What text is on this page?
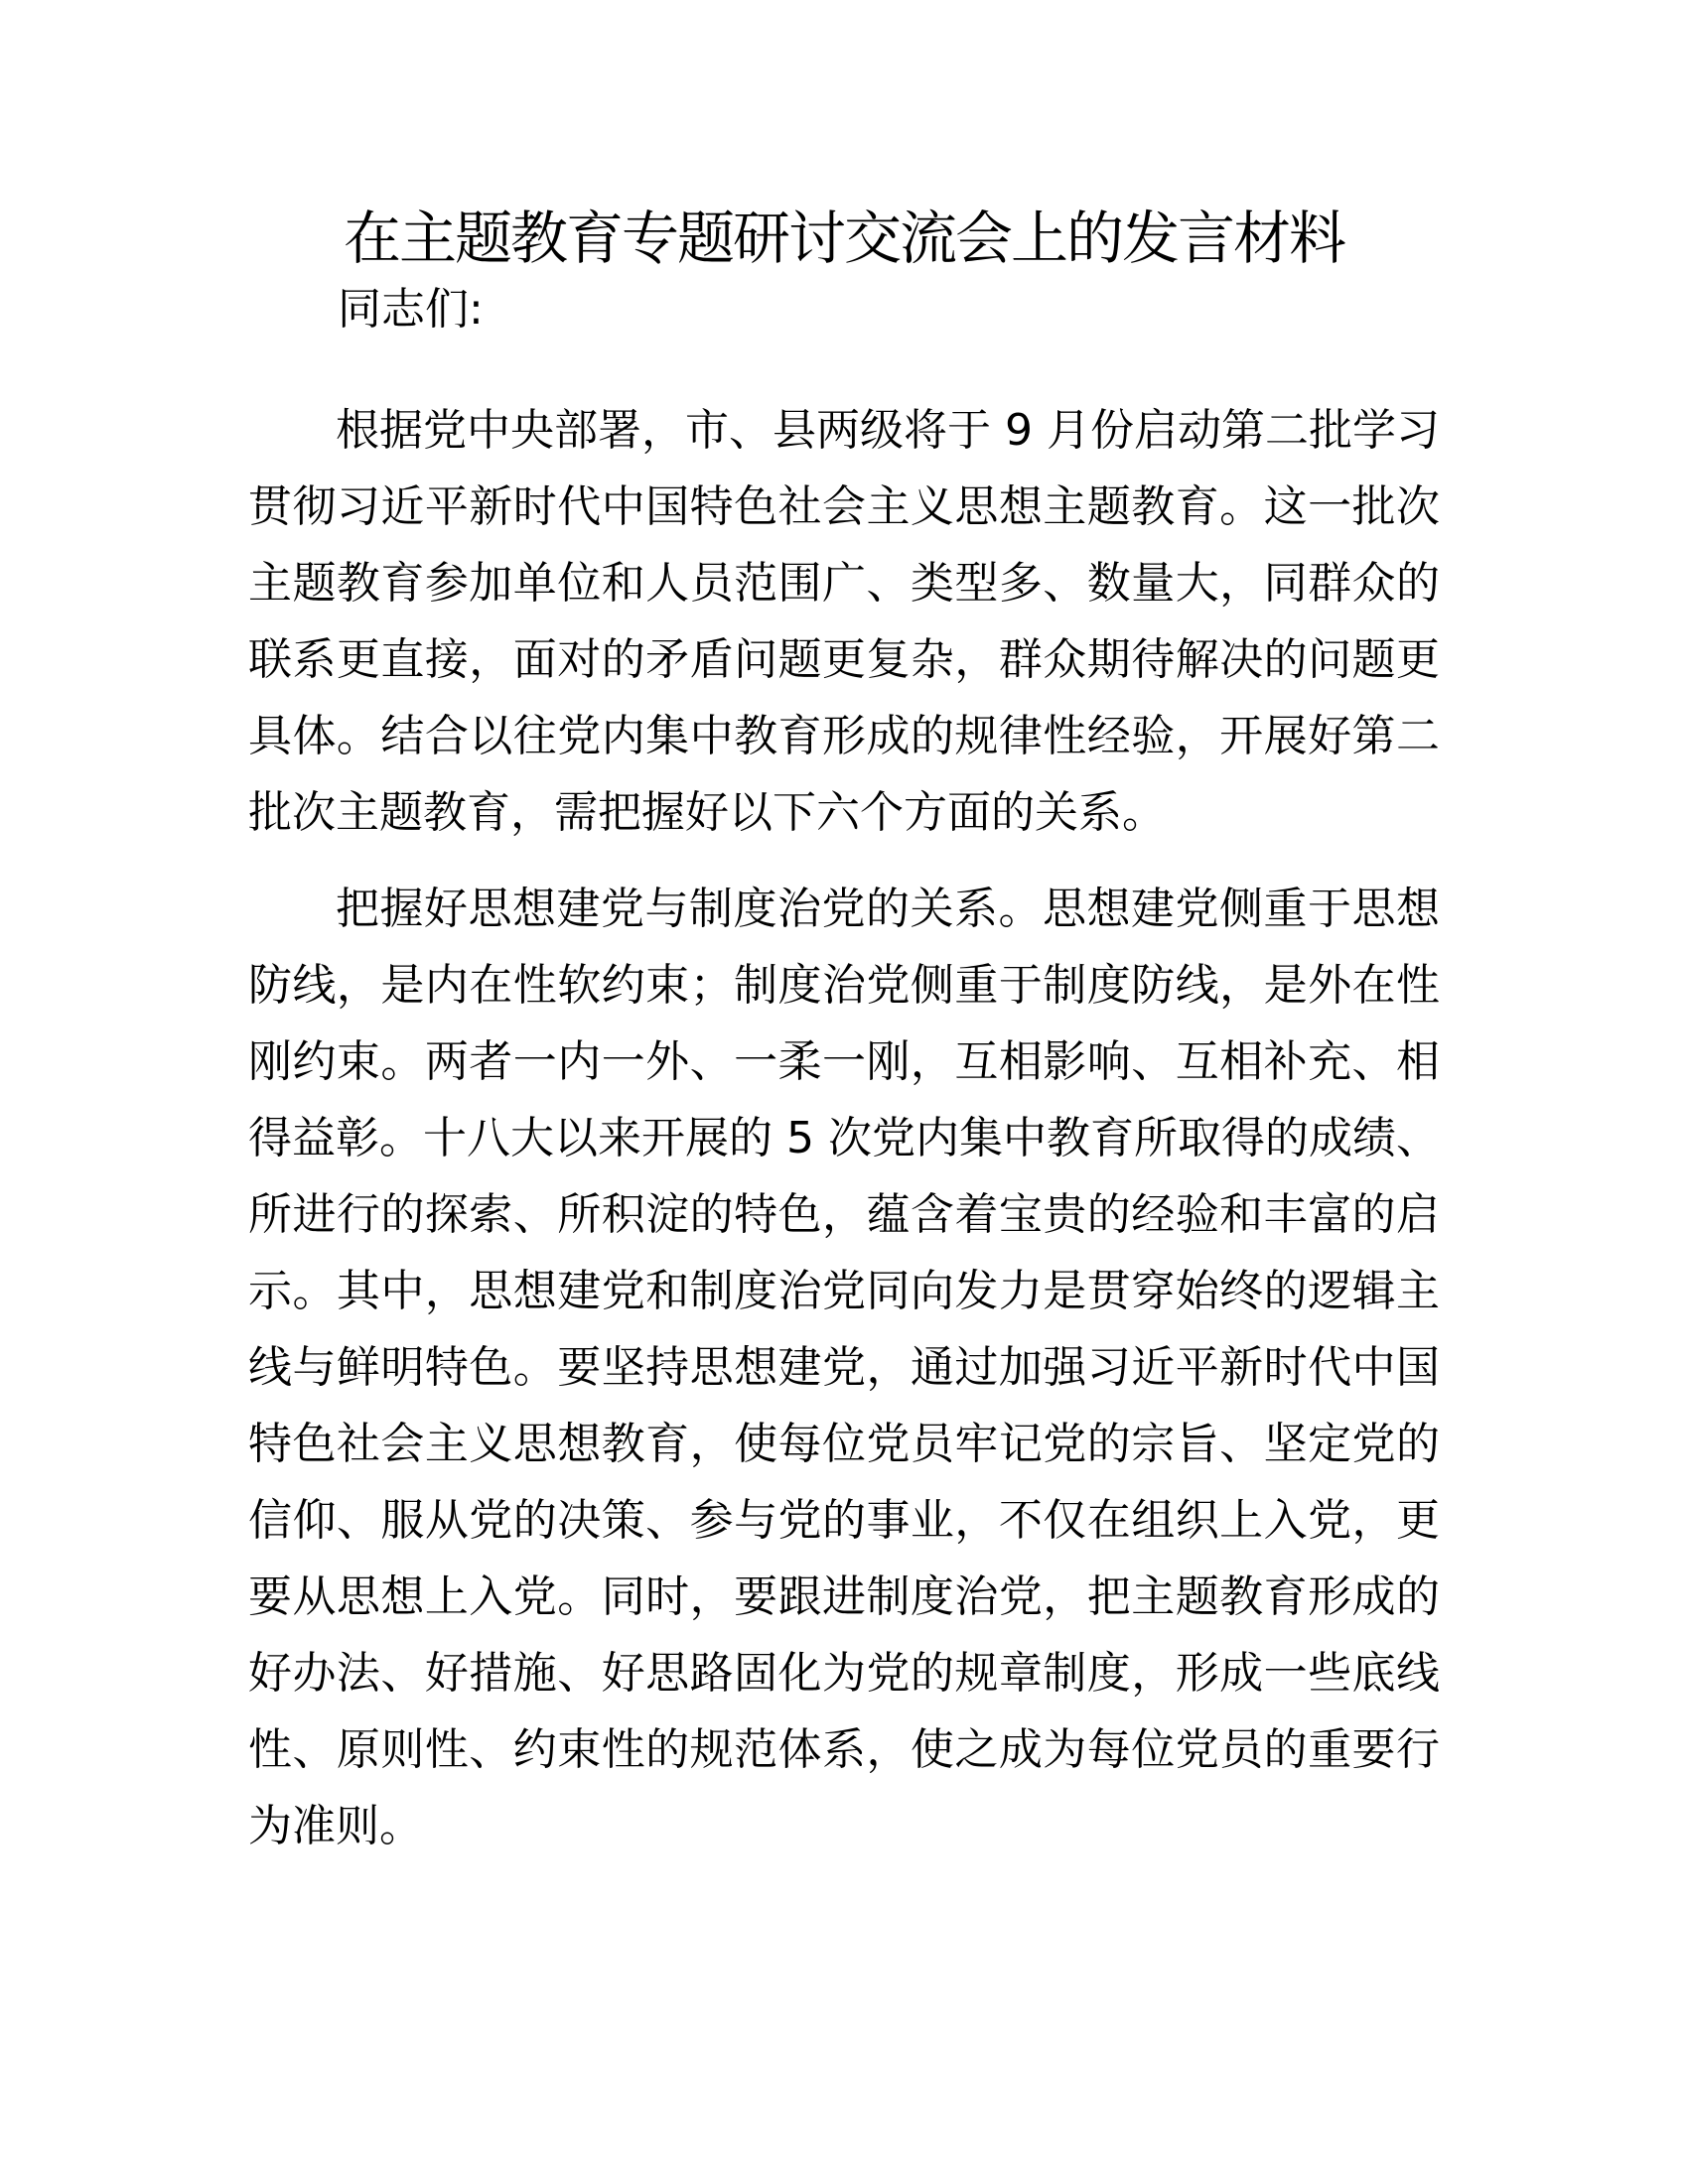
在主题教育专题研讨交流会上的发言材料

同志们:

根据党中央部署，市、县两级将于 9 月份启动第二批学习贯彻习近平新时代中国特色社会主义思想主题教育。这一批次主题教育参加单位和人员范围广、类型多、数量大，同群众的联系更直接，面对的矛盾问题更复杂，群众期待解决的问题更具体。结合以往党内集中教育形成的规律性经验，开展好第二批次主题教育，需把握好以下六个方面的关系。

把握好思想建党与制度治党的关系。思想建党侧重于思想防线，是内在性软约束；制度治党侧重于制度防线，是外在性刚约束。两者一内一外、一柔一刚，互相影响、互相补充、相得益彰。十八大以来开展的 5 次党内集中教育所取得的成绩、所进行的探索、所积淀的特色，蕴含着宝贵的经验和丰富的启示。其中，思想建党和制度治党同向发力是贯穿始终的逻辑主线与鲜明特色。要坚持思想建党，通过加强习近平新时代中国特色社会主义思想教育，使每位党员牢记党的宗旨、坚定党的信仰、服从党的决策、参与党的事业，不仅在组织上入党，更要从思想上入党。同时，要跟进制度治党，把主题教育形成的好办法、好措施、好思路固化为党的规章制度，形成一些底线性、原则性、约束性的规范体系，使之成为每位党员的重要行为准则。
